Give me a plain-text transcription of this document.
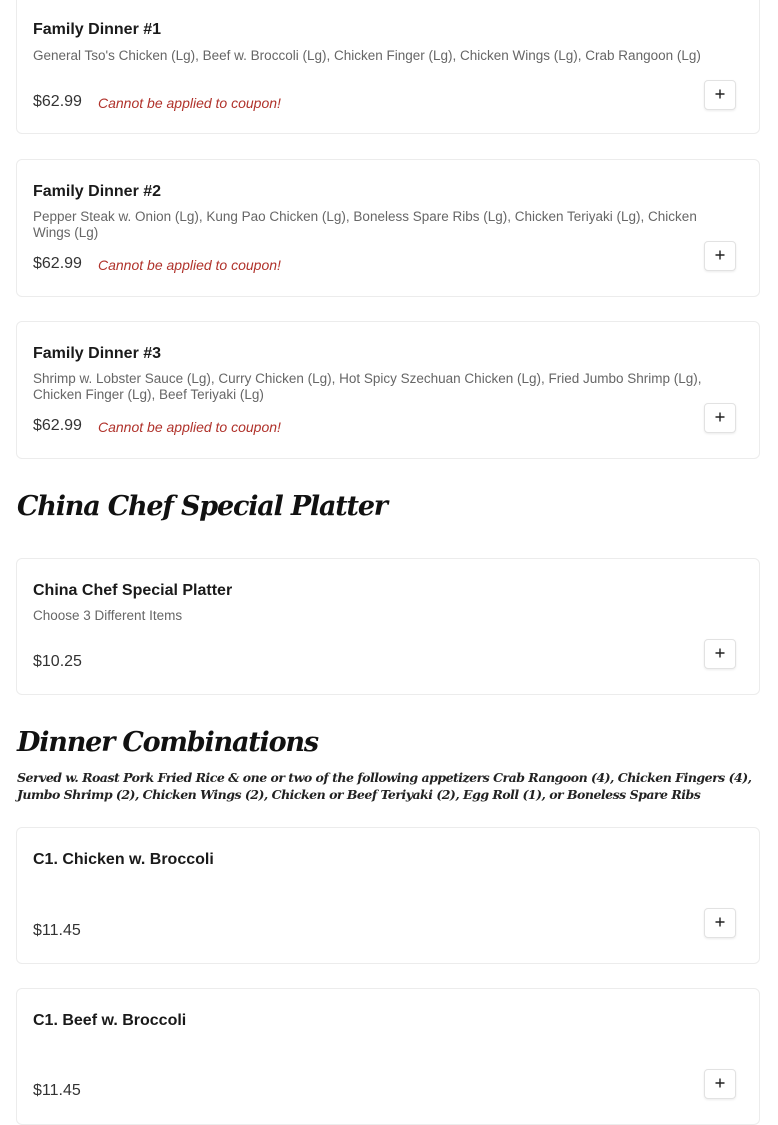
Family Dinner #1
General Tso's Chicken (Lg), Beef w. Broccoli (Lg), Chicken Finger (Lg), Chicken Wings (Lg), Crab Rangoon (Lg)
$62.99 Cannot be applied to coupon!
Family Dinner #2
Pepper Steak w. Onion (Lg), Kung Pao Chicken (Lg), Boneless Spare Ribs (Lg), Chicken Teriyaki (Lg), Chicken Wings (Lg)
$62.99 Cannot be applied to coupon!
Family Dinner #3
Shrimp w. Lobster Sauce (Lg), Curry Chicken (Lg), Hot Spicy Szechuan Chicken (Lg), Fried Jumbo Shrimp (Lg), Chicken Finger (Lg), Beef Teriyaki (Lg)
$62.99 Cannot be applied to coupon!
China Chef Special Platter
China Chef Special Platter
Choose 3 Different Items
$10.25
Dinner Combinations
Served w. Roast Pork Fried Rice & one or two of the following appetizers Crab Rangoon (4), Chicken Fingers (4), Jumbo Shrimp (2), Chicken Wings (2), Chicken or Beef Teriyaki (2), Egg Roll (1), or Boneless Spare Ribs
C1. Chicken w. Broccoli
$11.45
C1. Beef w. Broccoli
$11.45
